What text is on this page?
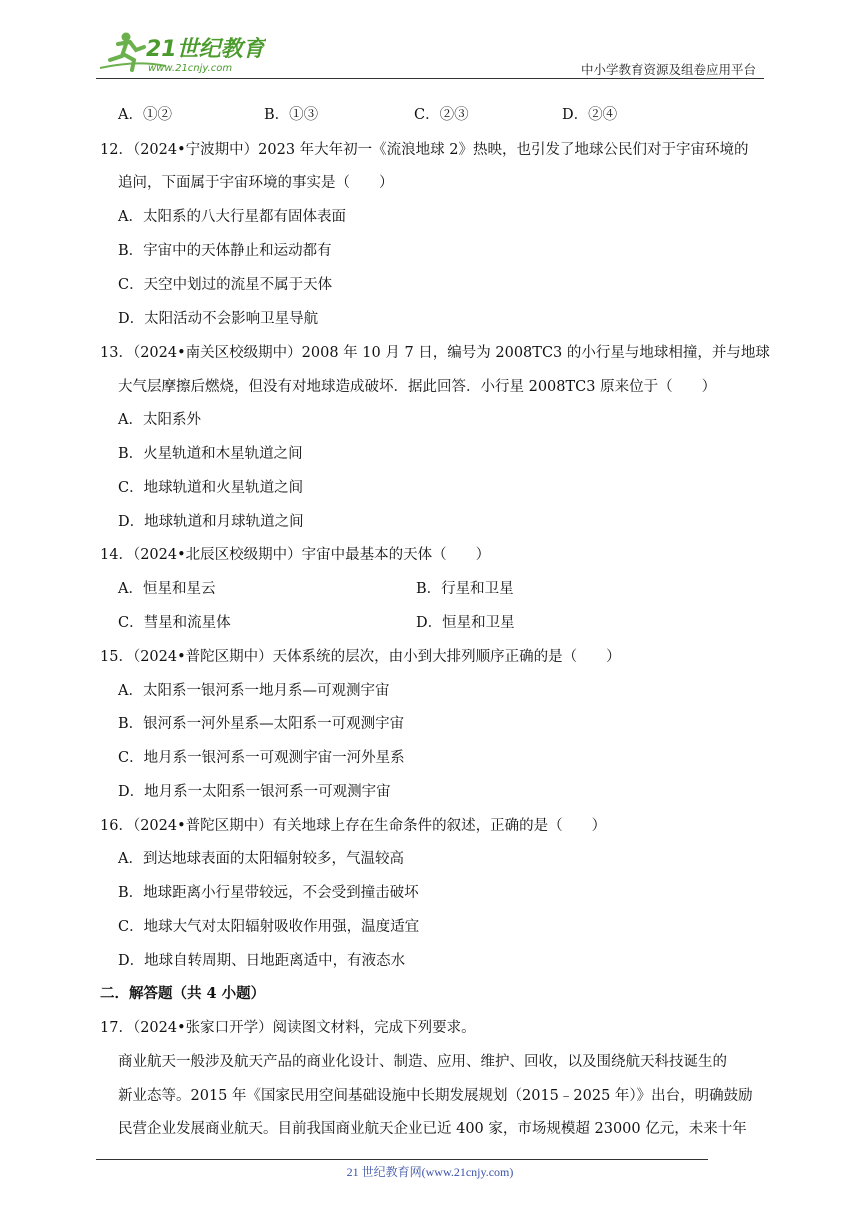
21世纪教育
www.21cnjy.com	中小学教育资源及组卷应用平台
A．①②	B．①③	C．②③	D．②④
12．（2024•宁波期中）2023 年大年初一《流浪地球 2》热映，也引发了地球公民们对于宇宙环境的
追问，下面属于宇宙环境的事实是（　　）
A．太阳系的八大行星都有固体表面
B．宇宙中的天体静止和运动都有
C．天空中划过的流星不属于天体
D．太阳活动不会影响卫星导航
13．（2024•南关区校级期中）2008 年 10 月 7 日，编号为 2008TC3 的小行星与地球相撞，并与地球
大气层摩擦后燃烧，但没有对地球造成破坏．据此回答．小行星 2008TC3 原来位于（　　）
A．太阳系外
B．火星轨道和木星轨道之间
C．地球轨道和火星轨道之间
D．地球轨道和月球轨道之间
14．（2024•北辰区校级期中）宇宙中最基本的天体（　　）
A．恒星和星云	B．行星和卫星
C．彗星和流星体	D．恒星和卫星
15．（2024•普陀区期中）天体系统的层次，由小到大排列顺序正确的是（　　）
A．太阳系一银河系一地月系—可观测宇宙
B．银河系一河外星系—太阳系一可观测宇宙
C．地月系一银河系一可观测宇宙一河外星系
D．地月系一太阳系一银河系一可观测宇宙
16．（2024•普陀区期中）有关地球上存在生命条件的叙述，正确的是（　　）
A．到达地球表面的太阳辐射较多，气温较高
B．地球距离小行星带较远，不会受到撞击破坏
C．地球大气对太阳辐射吸收作用强，温度适宜
D．地球自转周期、日地距离适中，有液态水
二．解答题（共 4 小题）
17．（2024•张家口开学）阅读图文材料，完成下列要求。
商业航天一般涉及航天产品的商业化设计、制造、应用、维护、回收，以及围绕航天科技诞生的
新业态等。2015 年《国家民用空间基础设施中长期发展规划（2015﹣2025 年）》出台，明确鼓励
民营企业发展商业航天。目前我国商业航天企业已近 400 家，市场规模超 23000 亿元，未来十年
21 世纪教育网(www.21cnjy.com)
